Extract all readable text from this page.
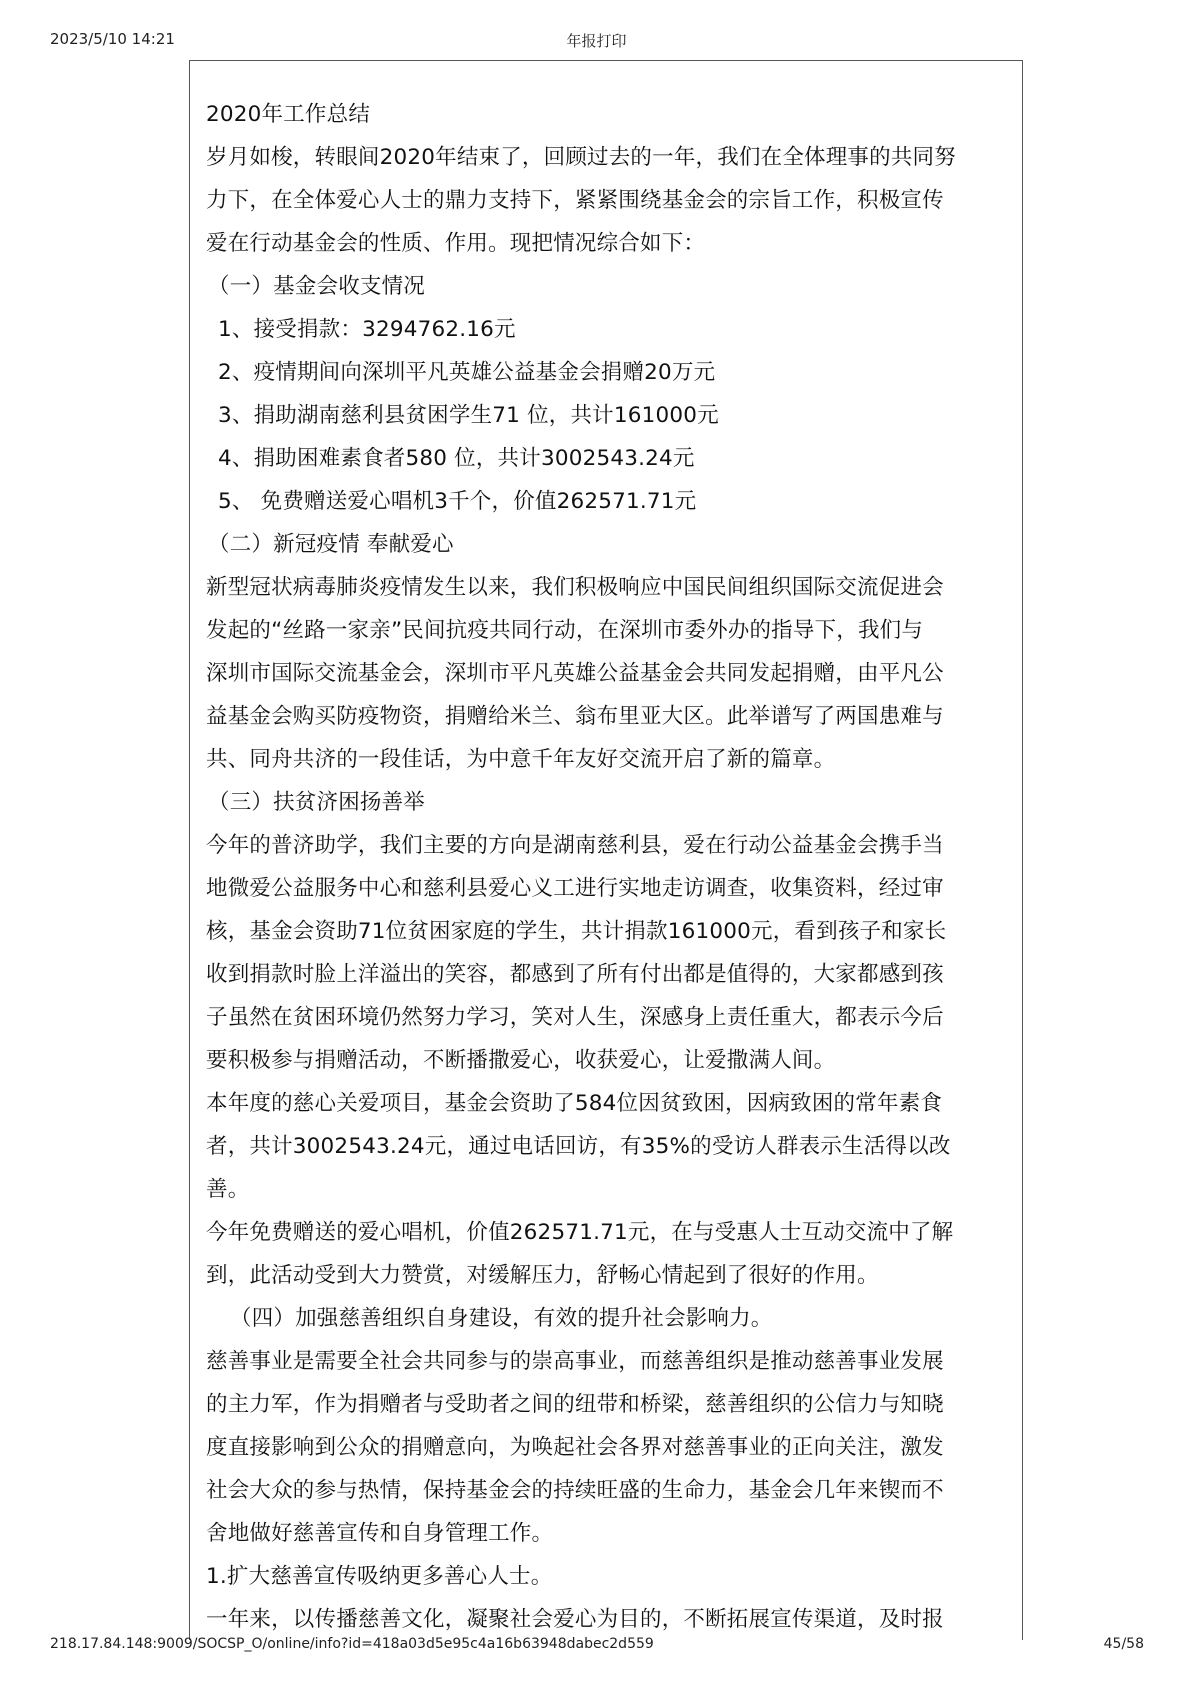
2023/5/10 14:21	年报打印
2020年工作总结
岁月如梭，转眼间2020年结束了，回顾过去的一年，我们在全体理事的共同努
力下，在全体爱心人士的鼎力支持下，紧紧围绕基金会的宗旨工作，积极宣传
爱在行动基金会的性质、作用。现把情况综合如下：
（一）基金会收支情况
1、接受捐款：3294762.16元
2、疫情期间向深圳平凡英雄公益基金会捐赠20万元
3、捐助湖南慈利县贫困学生71 位，共计161000元
4、捐助困难素食者580 位，共计3002543.24元
5、 免费赠送爱心唱机3千个，价值262571.71元
（二）新冠疫情 奉献爱心
新型冠状病毒肺炎疫情发生以来，我们积极响应中国民间组织国际交流促进会
发起的“丝路一家亲”民间抗疫共同行动，在深圳市委外办的指导下，我们与
深圳市国际交流基金会，深圳市平凡英雄公益基金会共同发起捐赠，由平凡公
益基金会购买防疫物资，捐赠给米兰、翁布里亚大区。此举谱写了两国患难与
共、同舟共济的一段佳话，为中意千年友好交流开启了新的篇章。
（三）扶贫济困扬善举
今年的普济助学，我们主要的方向是湖南慈利县，爱在行动公益基金会携手当
地微爱公益服务中心和慈利县爱心义工进行实地走访调查，收集资料，经过审
核，基金会资助71位贫困家庭的学生，共计捐款161000元，看到孩子和家长
收到捐款时脸上洋溢出的笑容，都感到了所有付出都是值得的，大家都感到孩
子虽然在贫困环境仍然努力学习，笑对人生，深感身上责任重大，都表示今后
要积极参与捐赠活动，不断播撒爱心，收获爱心，让爱撒满人间。
本年度的慈心关爱项目，基金会资助了584位因贫致困，因病致困的常年素食
者，共计3002543.24元，通过电话回访，有35%的受访人群表示生活得以改
善。
今年免费赠送的爱心唱机，价值262571.71元，在与受惠人士互动交流中了解
到，此活动受到大力赞赏，对缓解压力，舒畅心情起到了很好的作用。
（四）加强慈善组织自身建设，有效的提升社会影响力。
慈善事业是需要全社会共同参与的崇高事业，而慈善组织是推动慈善事业发展
的主力军，作为捐赠者与受助者之间的纽带和桥梁，慈善组织的公信力与知晓
度直接影响到公众的捐赠意向，为唤起社会各界对慈善事业的正向关注，激发
社会大众的参与热情，保持基金会的持续旺盛的生命力，基金会几年来锲而不
舍地做好慈善宣传和自身管理工作。
1.扩大慈善宣传吸纳更多善心人士。
一年来，以传播慈善文化，凝聚社会爱心为目的，不断拓展宣传渠道，及时报
218.17.84.148:9009/SOCSP_O/online/info?id=418a03d5e95c4a16b63948dabec2d559	45/58
